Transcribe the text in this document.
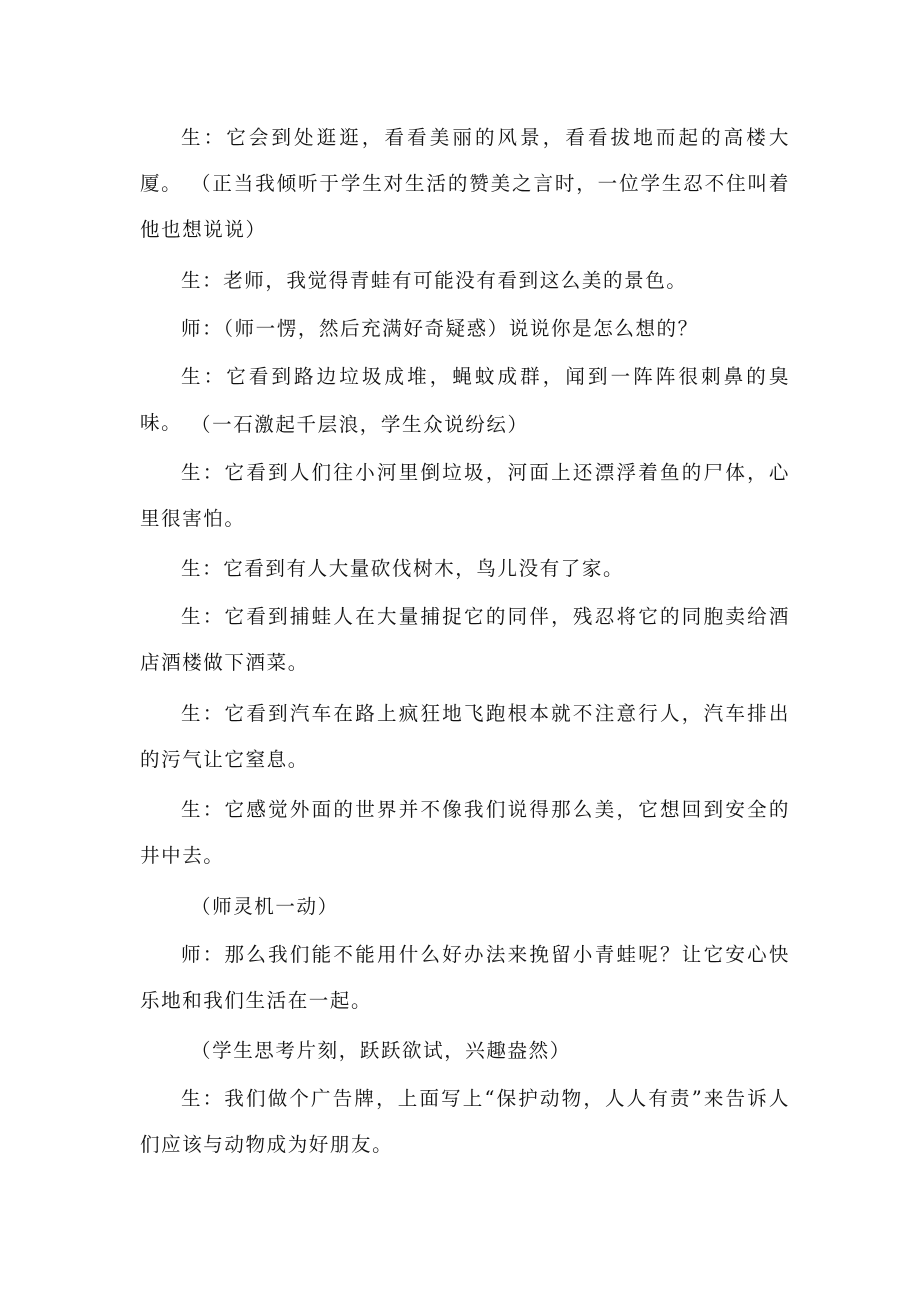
生：它会到处逛逛，看看美丽的风景，看看拔地而起的高楼大厦。 （正当我倾听于学生对生活的赞美之言时，一位学生忍不住叫着他也想说说）

生：老师，我觉得青蛙有可能没有看到这么美的景色。

师：（师一愣，然后充满好奇疑惑）说说你是怎么想的？

生：它看到路边垃圾成堆，蝇蚊成群，闻到一阵阵很刺鼻的臭味。 （一石激起千层浪，学生众说纷纭）

生：它看到人们往小河里倒垃圾，河面上还漂浮着鱼的尸体，心里很害怕。

生：它看到有人大量砍伐树木，鸟儿没有了家。

生：它看到捕蛙人在大量捕捉它的同伴，残忍将它的同胞卖给酒店酒楼做下酒菜。

生：它看到汽车在路上疯狂地飞跑根本就不注意行人，汽车排出的污气让它窒息。

生：它感觉外面的世界并不像我们说得那么美，它想回到安全的井中去。

（师灵机一动）

师：那么我们能不能用什么好办法来挽留小青蛙呢？让它安心快乐地和我们生活在一起。

（学生思考片刻，跃跃欲试，兴趣盎然）

生：我们做个广告牌，上面写上“保护动物，人人有责”来告诉人们应该与动物成为好朋友。
